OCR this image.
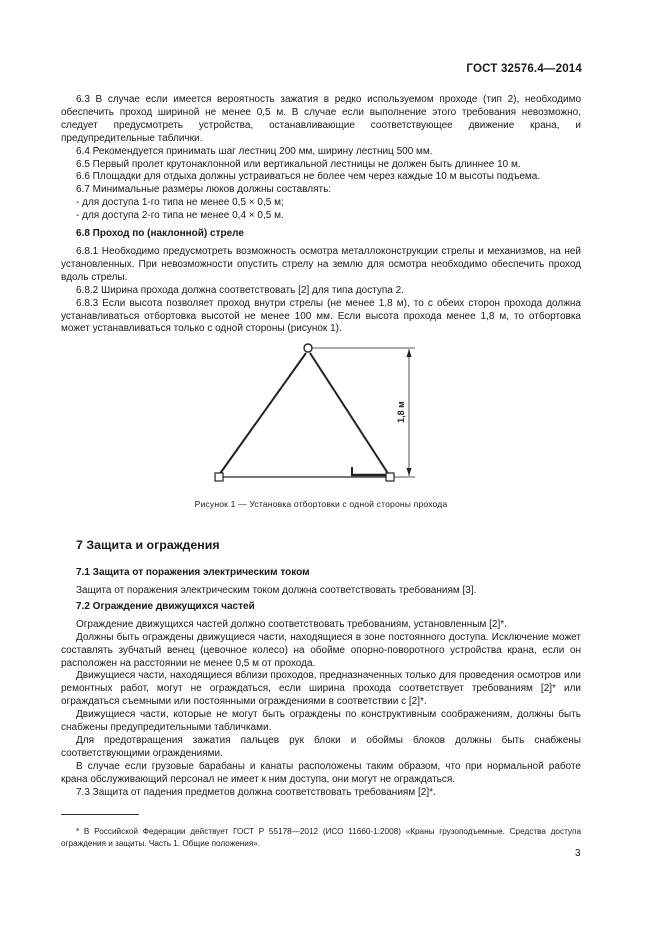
ГОСТ 32576.4—2014

6.3 В случае если имеется вероятность зажатия в редко используемом проходе (тип 2), необходимо обеспечить проход шириной не менее 0,5 м. В случае если выполнение этого требования невозможно, следует предусмотреть устройства, останавливающие соответствующее движение крана, и предупредительные таблички.

6.4 Рекомендуется принимать шаг лестниц 200 мм, ширину лестниц 500 мм.

6.5 Первый пролет крутонаклонной или вертикальной лестницы не должен быть длиннее 10 м.

6.6 Площадки для отдыха должны устраиваться не более чем через каждые 10 м высоты подъема.

6.7 Минимальные размеры люков должны составлять:

- для доступа 1-го типа не менее 0,5 × 0,5 м;

- для доступа 2-го типа не менее 0,4 × 0,5 м.

6.8 Проход по (наклонной) стреле

6.8.1 Необходимо предусмотреть возможность осмотра металлоконструкции стрелы и механизмов, на ней установленных. При невозможности опустить стрелу на землю для осмотра необходимо обеспечить проход вдоль стрелы.

6.8.2 Ширина прохода должна соответствовать [2] для типа доступа 2.

6.8.3 Если высота позволяет проход внутри стрелы (не менее 1,8 м), то с обеих сторон прохода должна устанавливаться отбортовка высотой не менее 100 мм. Если высота прохода менее 1,8 м, то отбортовка может устанавливаться только с одной стороны (рисунок 1).

1,8 м

Рисунок 1 — Установка отбортовки с одной стороны прохода

7 Защита и ограждения

7.1 Защита от поражения электрическим током

Защита от поражения электрическим током должна соответствовать требованиям [3].

7.2 Ограждение движущихся частей

Ограждение движущихся частей должно соответствовать требованиям, установленным [2]*.

Должны быть ограждены движущиеся части, находящиеся в зоне постоянного доступа. Исключение может составлять зубчатый венец (цевочное колесо) на обойме опорно-поворотного устройства крана, если он расположен на расстоянии не менее 0,5 м от прохода.

Движущиеся части, находящиеся вблизи проходов, предназначенных только для проведения осмотров или ремонтных работ, могут не ограждаться, если ширина прохода соответствует требованиям [2]* или ограждаться съемными или постоянными ограждениями в соответствии с [2]*.

Движущиеся части, которые не могут быть ограждены по конструктивным соображениям, должны быть снабжены предупредительными табличками.

Для предотвращения зажатия пальцев рук блоки и обоймы блоков должны быть снабжены соответствующими ограждениями.

В случае если грузовые барабаны и канаты расположены таким образом, что при нормальной работе крана обслуживающий персонал не имеет к ним доступа, они могут не ограждаться.

7.3 Защита от падения предметов должна соответствовать требованиям [2]*.

* В Российской Федерации действует ГОСТ Р 55178—2012 (ИСО 11660-1:2008) «Краны грузоподъемные. Средства доступа ограждения и защиты. Часть 1. Общие положения».

3
